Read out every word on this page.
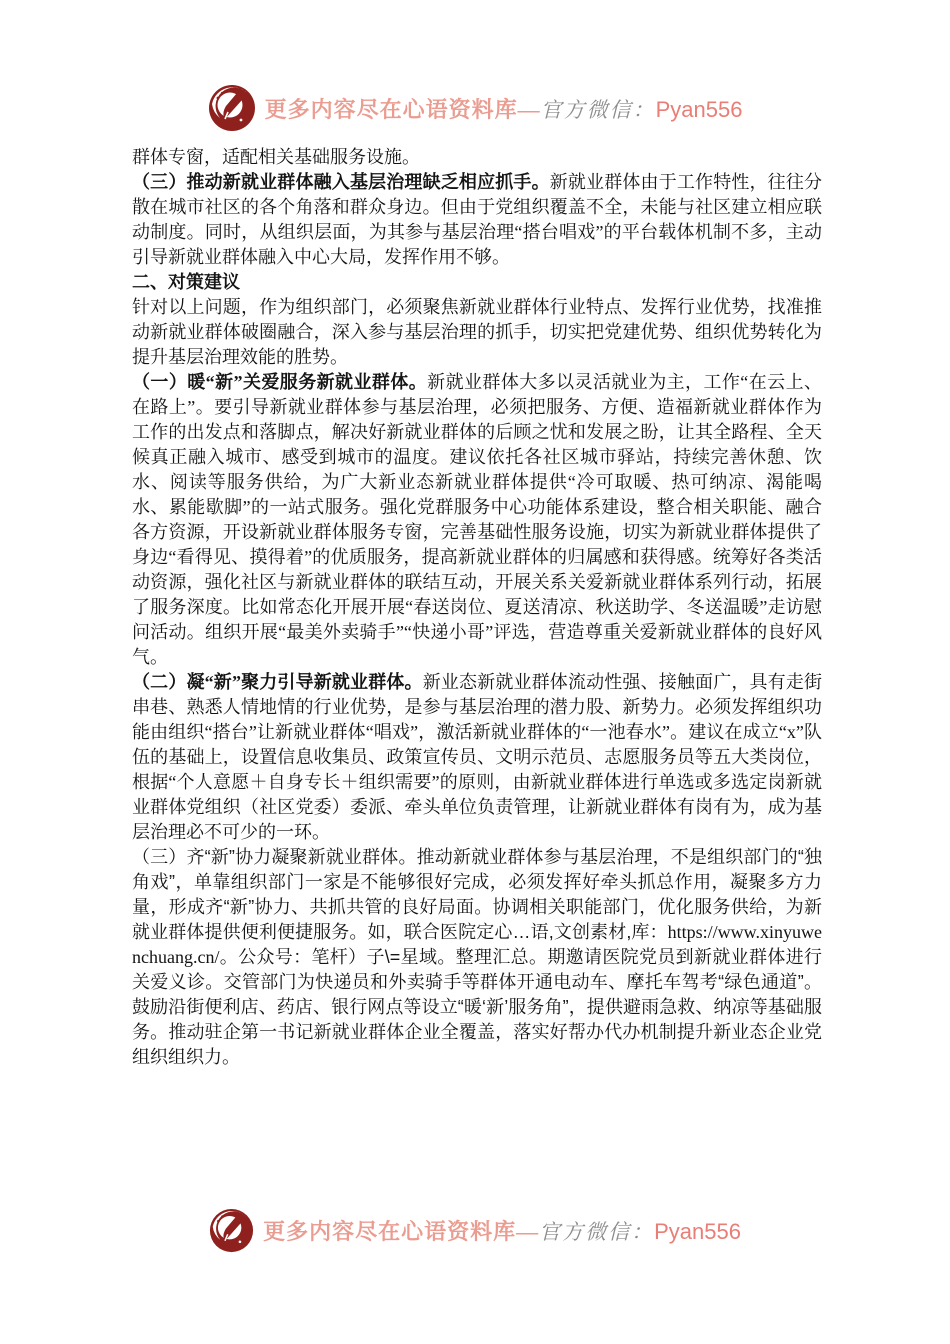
更多内容尽在心语资料库—官方微信：Pyan556

群体专窗，适配相关基础服务设施。

（三）推动新就业群体融入基层治理缺乏相应抓手。新就业群体由于工作特性，往往分散在城市社区的各个角落和群众身边。但由于党组织覆盖不全，未能与社区建立相应联动制度。同时，从组织层面，为其参与基层治理“搭台唱戏”的平台载体机制不多，主动引导新就业群体融入中心大局，发挥作用不够。

二、对策建议

针对以上问题，作为组织部门，必须聚焦新就业群体行业特点、发挥行业优势，找准推动新就业群体破圈融合，深入参与基层治理的抓手，切实把党建优势、组织优势转化为提升基层治理效能的胜势。

（一）暖“新”关爱服务新就业群体。新就业群体大多以灵活就业为主，工作“在云上、在路上”。要引导新就业群体参与基层治理，必须把服务、方便、造福新就业群体作为工作的出发点和落脚点，解决好新就业群体的后顾之忧和发展之盼，让其全路程、全天候真正融入城市、感受到城市的温度。建议依托各社区城市驿站，持续完善休憩、饮水、阅读等服务供给，为广大新业态新就业群体提供“冷可取暖、热可纳凉、渴能喝水、累能歇脚”的一站式服务。强化党群服务中心功能体系建设，整合相关职能、融合各方资源，开设新就业群体服务专窗，完善基础性服务设施，切实为新就业群体提供了身边“看得见、摸得着”的优质服务，提高新就业群体的归属感和获得感。统筹好各类活动资源，强化社区与新就业群体的联结互动，开展关系关爱新就业群体系列行动，拓展了服务深度。比如常态化开展开展“春送岗位、夏送清凉、秋送助学、冬送温暖”走访慰问活动。组织开展“最美外卖骑手”“快递小哥”评选，营造尊重关爱新就业群体的良好风气。

（二）凝“新”聚力引导新就业群体。新业态新就业群体流动性强、接触面广，具有走街串巷、熟悉人情地情的行业优势，是参与基层治理的潜力股、新势力。必须发挥组织功能由组织“搭台”让新就业群体“唱戏”，激活新就业群体的“一池春水”。建议在成立“x”队伍的基础上，设置信息收集员、政策宣传员、文明示范员、志愿服务员等五大类岗位，根据“个人意愿＋自身专长＋组织需要”的原则，由新就业群体进行单选或多选定岗新就业群体党组织（社区党委）委派、牵头单位负责管理，让新就业群体有岗有为，成为基层治理必不可少的一环。

（三）齐“新”协力凝聚新就业群体。推动新就业群体参与基层治理，不是组织部门的“独角戏”，单靠组织部门一家是不能够很好完成，必须发挥好牵头抓总作用，凝聚多方力量，形成齐“新”协力、共抓共管的良好局面。协调相关职能部门，优化服务供给，为新就业群体提供便利便捷服务。如，联合医院定心…语,文创素材,库：https://www.xinyuwenchuang.cn/。公众号：笔杆）子\=星域。整理汇总。期邀请医院党员到新就业群体进行关爱义诊。交管部门为快递员和外卖骑手等群体开通电动车、摩托车驾考“绿色通道”。鼓励沿街便利店、药店、银行网点等设立“暖‘新’服务角”，提供避雨急救、纳凉等基础服务。推动驻企第一书记新就业群体企业全覆盖，落实好帮办代办机制提升新业态企业党组织组织力。

更多内容尽在心语资料库—官方微信：Pyan556
